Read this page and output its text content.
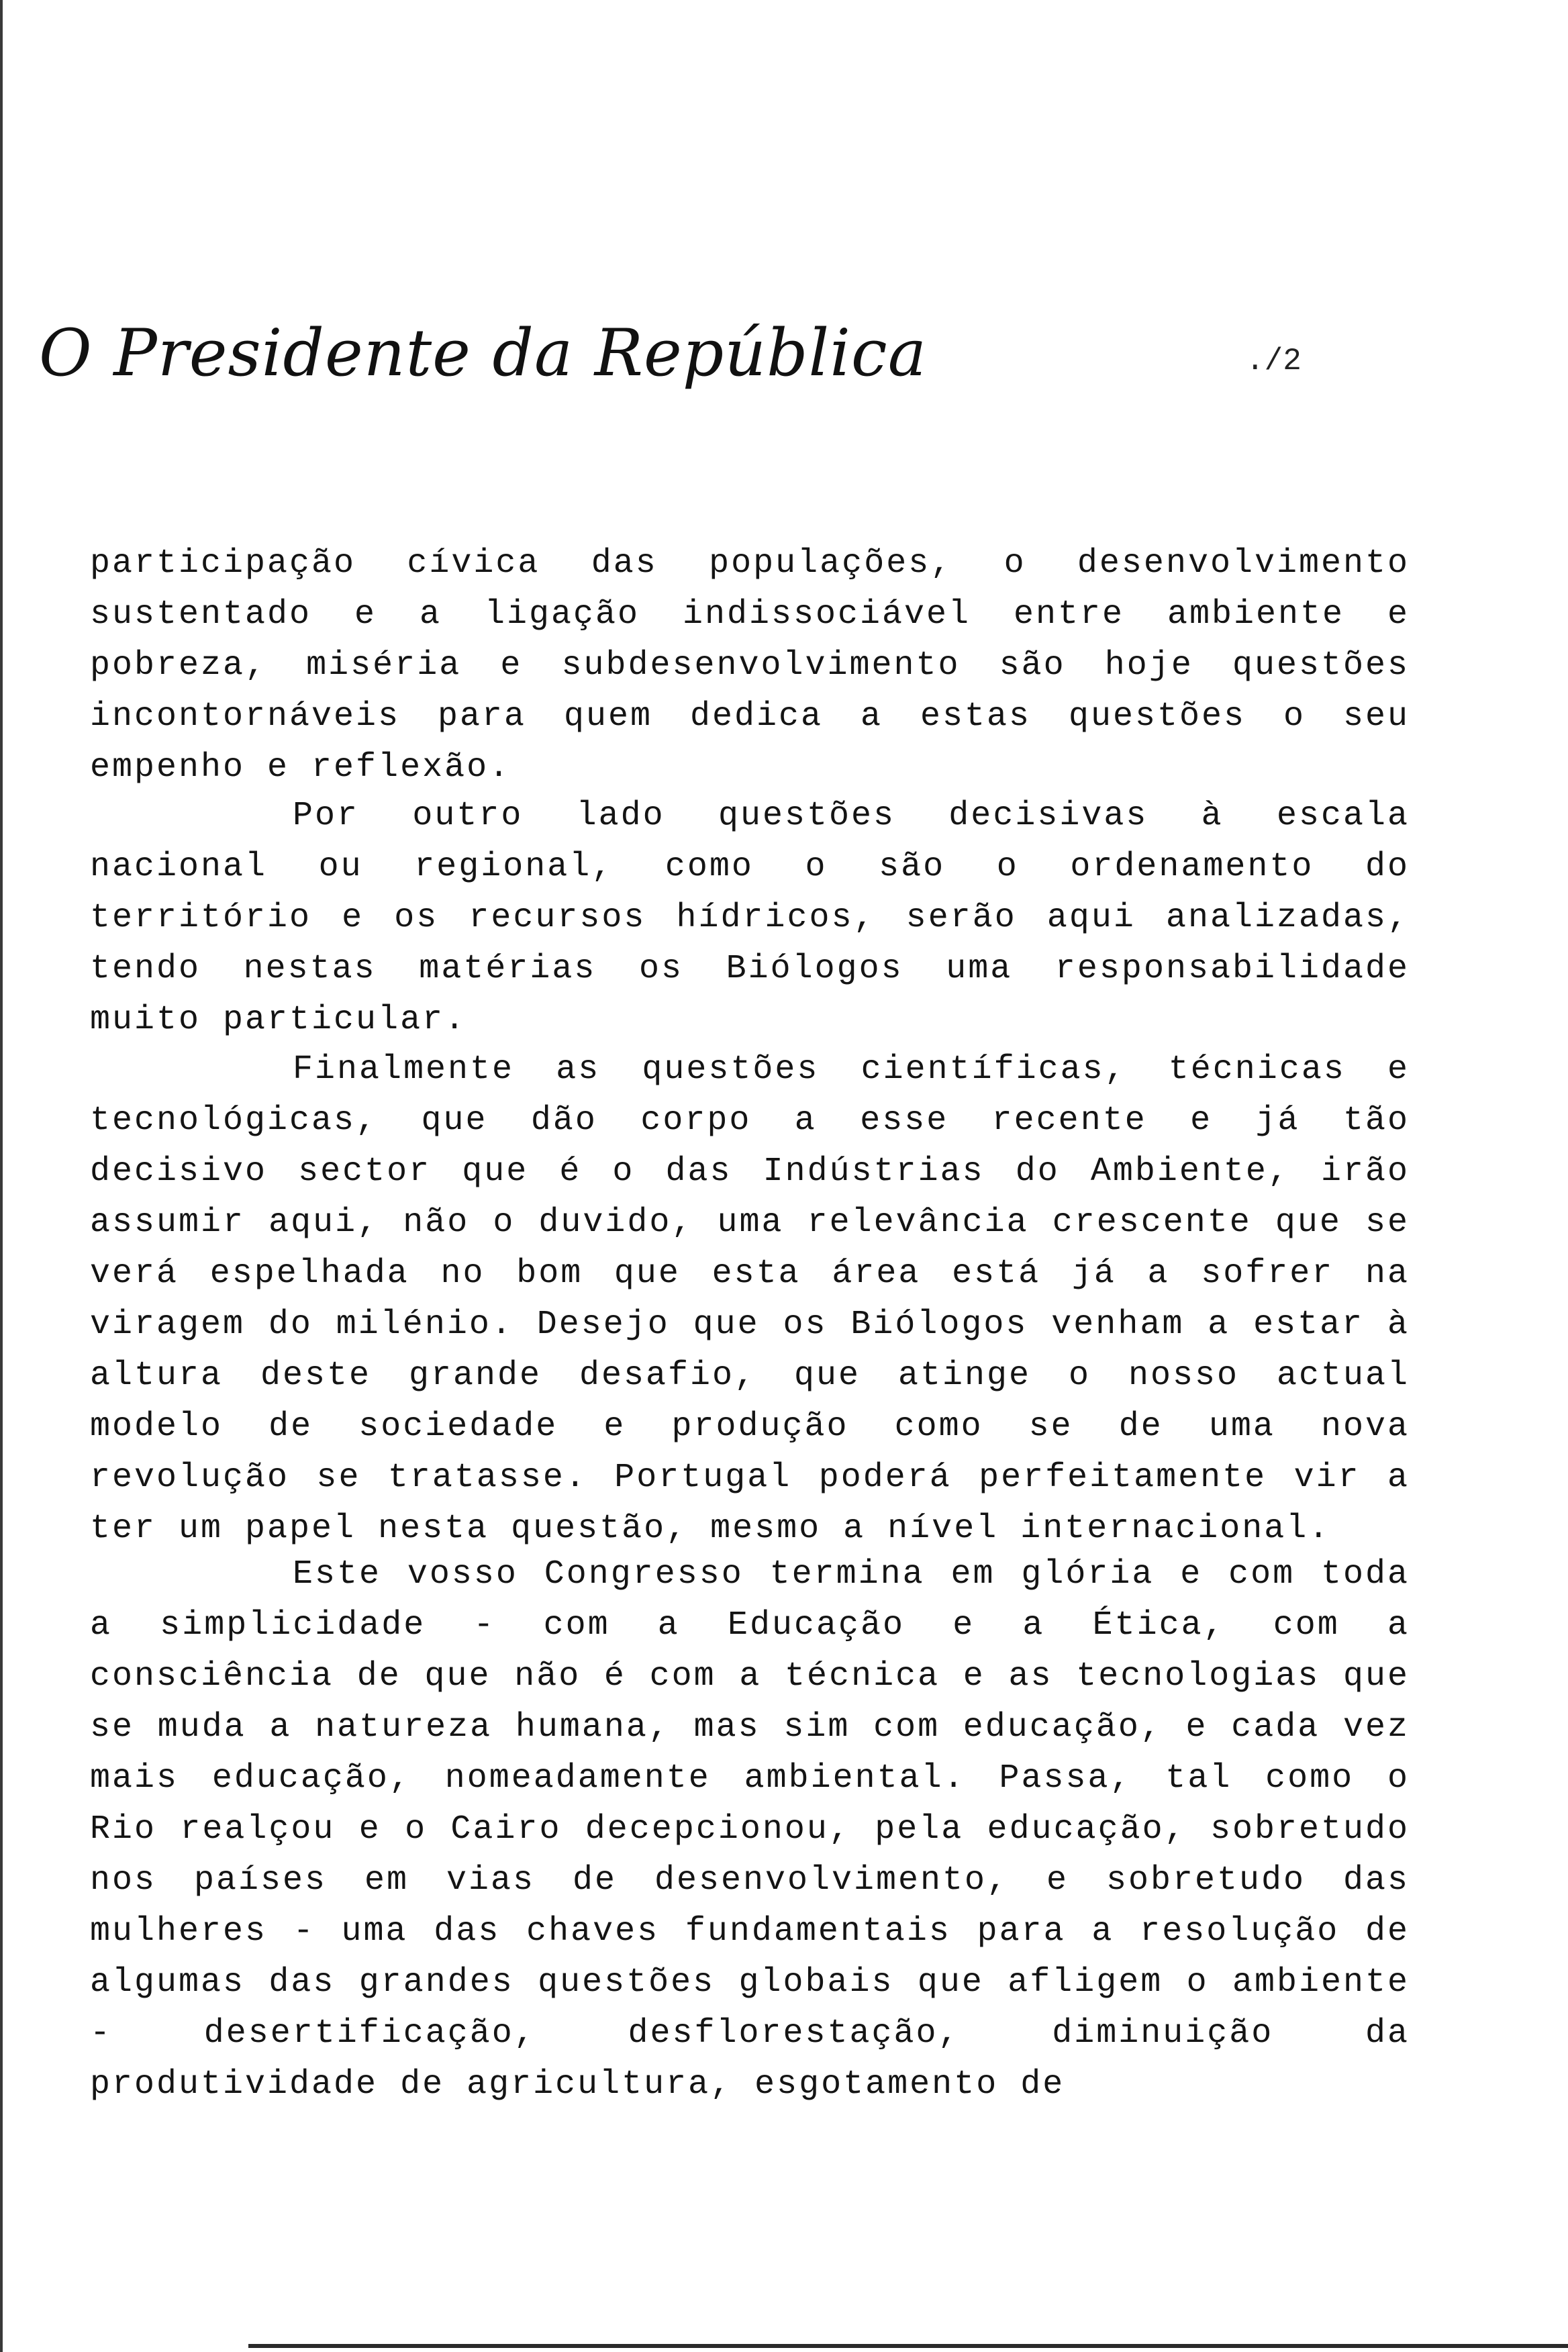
O Presidente da República	./2

participação cívica das populações, o desenvolvimento sustentado e a ligação indissociável entre ambiente e pobreza, miséria e subdesenvolvimento são hoje questões incontornáveis para quem dedica a estas questões o seu empenho e reflexão.

Por outro lado questões decisivas à escala nacional ou regional, como o são o ordenamento do território e os recursos hídricos, serão aqui analizadas, tendo nestas matérias os Biólogos uma responsabilidade muito particular.

Finalmente as questões científicas, técnicas e tecnológicas, que dão corpo a esse recente e já tão decisivo sector que é o das Indústrias do Ambiente, irão assumir aqui, não o duvido, uma relevância crescente que se verá espelhada no bom que esta área está já a sofrer na viragem do milénio. Desejo que os Biólogos venham a estar à altura deste grande desafio, que atinge o nosso actual modelo de sociedade e produção como se de uma nova revolução se tratasse. Portugal poderá perfeitamente vir a ter um papel nesta questão, mesmo a nível internacional.

Este vosso Congresso termina em glória e com toda a simplicidade - com a Educação e a Ética, com a consciência de que não é com a técnica e as tecnologias que se muda a natureza humana, mas sim com educação, e cada vez mais educação, nomeadamente ambiental. Passa, tal como o Rio realçou e o Cairo decepcionou, pela educação, sobretudo nos países em vias de desenvolvimento, e sobretudo das mulheres - uma das chaves fundamentais para a resolução de algumas das grandes questões globais que afligem o ambiente - desertificação, desflorestação, diminuição da produtividade de agricultura, esgotamento de
